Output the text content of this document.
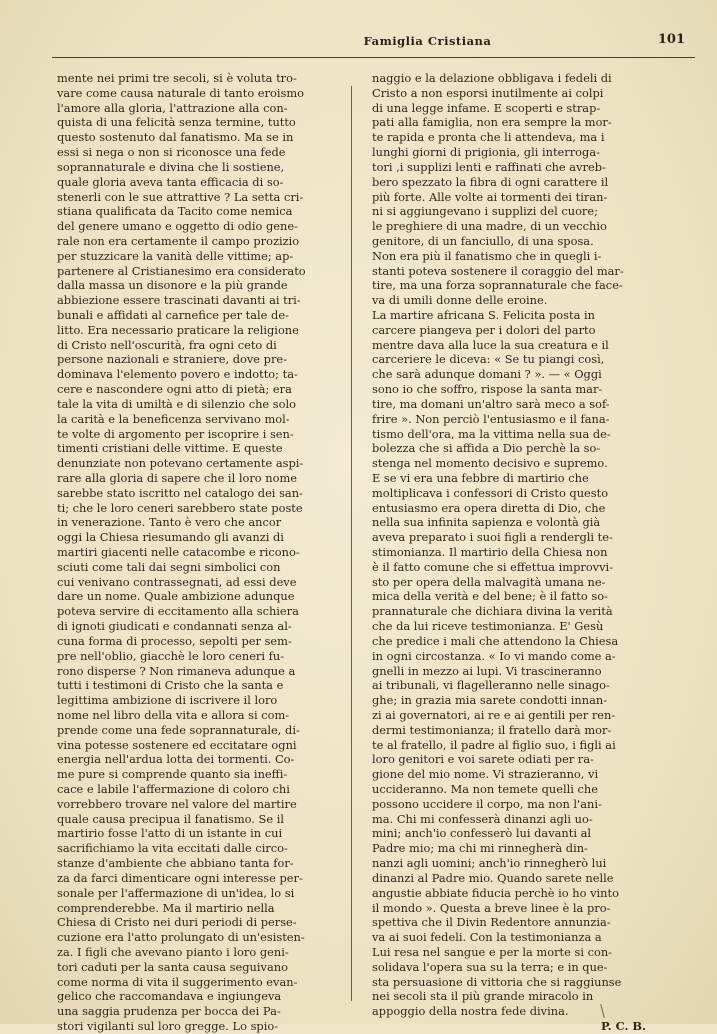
Famiglia Cristiana	101
mente nei primi tre secoli, si è voluta tro-
vare come causa naturale di tanto eroismo
l'amore alla gloria, l'attrazione alla con-
quista di una felicità senza termine, tutto
questo sostenuto dal fanatismo. Ma se in
essi si nega o non si riconosce una fede
soprannaturale e divina che li sostiene,
quale gloria aveva tanta efficacia di so-
stenerli con le sue attrattive ? La setta cri-
stiana qualificata da Tacito come nemica
del genere umano e oggetto di odio gene-
rale non era certamente il campo prozizio
per stuzzicare la vanità delle vittime; ap-
partenere al Cristianesimo era considerato
dalla massa un disonore e la più grande
abbiezione essere trascinati davanti ai tri-
bunali e affidati al carnefice per tale de-
litto. Era necessario praticare la religione
di Cristo nell'oscurità, fra ogni ceto di
persone nazionali e straniere, dove pre-
dominava l'elemento povero e indotto; ta-
cere e nascondere ogni atto di pietà; era
tale la vita di umiltà e di silenzio che solo
la carità e la beneficenza servivano mol-
te volte di argomento per iscoprire i sen-
timenti cristiani delle vittime. E queste
denunziate non potevano certamente aspi-
rare alla gloria di sapere che il loro nome
sarebbe stato iscritto nel catalogo dei san-
ti; che le loro ceneri sarebbero state poste
in venerazione. Tanto è vero che ancor
oggi la Chiesa riesumando gli avanzi di
martiri giacenti nelle catacombe e ricono-
sciuti come tali dai segni simbolici con
cui venivano contrassegnati, ad essi deve
dare un nome. Quale ambizione adunque
poteva servire di eccitamento alla schiera
di ignoti giudicati e condannati senza al-
cuna forma di processo, sepolti per sem-
pre nell'oblio, giacchè le loro ceneri fu-
rono disperse ? Non rimaneva adunque a
tutti i testimoni di Cristo che la santa e
legittima ambizione di iscrivere il loro
nome nel libro della vita e allora si com-
prende come una fede soprannaturale, di-
vina potesse sostenere ed eccitatare ogni
energia nell'ardua lotta dei tormenti. Co-
me pure si comprende quanto sia ineffi-
cace e labile l'affermazione di coloro chi
vorrebbero trovare nel valore del martire
quale causa precipua il fanatismo. Se il
martirio fosse l'atto di un istante in cui
sacrifichiamo la vita eccitati dalle circo-
stanze d'ambiente che abbiano tanta for-
za da farci dimenticare ogni interesse per-
sonale per l'affermazione di un'idea, lo si
comprenderebbe. Ma il martirio nella
Chiesa di Cristo nei duri periodi di perse-
cuzione era l'atto prolungato di un'esisten-
za. I figli che avevano pianto i loro geni-
tori caduti per la santa causa seguivano
come norma di vita il suggerimento evan-
gelico che raccomandava e ingiungeva
una saggia prudenza per bocca dei Pa-
stori vigilanti sul loro gregge. Lo spio-
naggio e la delazione obbligava i fedeli di
Cristo a non esporsi inutilmente ai colpi
di una legge infame. E scoperti e strap-
pati alla famiglia, non era sempre la mor-
te rapida e pronta che li attendeva, ma i
lunghi giorni di prigionia, gli interroga-
tori ,i supplizi lenti e raffinati che avreb-
bero spezzato la fibra di ogni carattere il
più forte. Alle volte ai tormenti dei tiran-
ni si aggiungevano i supplizi del cuore;
le preghiere di una madre, di un vecchio
genitore, di un fanciullo, di una sposa.
Non era più il fanatismo che in quegli i-
stanti poteva sostenere il coraggio del mar-
tire, ma una forza soprannaturale che face-
va di umili donne delle eroine.
La martire africana S. Felicita posta in
carcere piangeva per i dolori del parto
mentre dava alla luce la sua creatura e il
carceriere le diceva: « Se tu piangi così,
che sarà adunque domani ? ». — « Oggi
sono io che soffro, rispose la santa mar-
tire, ma domani un'altro sarà meco a sof-
frire ». Non perciò l'entusiasmo e il fana-
tismo dell'ora, ma la vittima nella sua de-
bolezza che si affida a Dio perchè la so-
stenga nel momento decisivo e supremo.
E se vi era una febbre di martirio che
moltiplicava i confessori di Cristo questo
entusiasmo era opera diretta di Dio, che
nella sua infinita sapienza e volontà già
aveva preparato i suoi figli a rendergli te-
stimonianza. Il martirio della Chiesa non
è il fatto comune che si effettua improvvi-
sto per opera della malvagità umana ne-
mica della verità e del bene; è il fatto so-
prannaturale che dichiara divina la verità
che da lui riceve testimonianza. E' Gesù
che predice i mali che attendono la Chiesa
in ogni circostanza. « Io vi mando come a-
gnelli in mezzo ai lupi. Vi trascineranno
ai tribunali, vi flagelleranno nelle sinago-
ghe; in grazia mia sarete condotti innan-
zi ai governatori, ai re e ai gentili per ren-
dermi testimonianza; il fratello darà mor-
te al fratello, il padre al figlio suo, i figli ai
loro genitori e voi sarete odiati per ra-
gione del mio nome. Vi strazieranno, vi
uccideranno. Ma non temete quelli che
possono uccidere il corpo, ma non l'ani-
ma. Chi mi confesserà dinanzi agli uo-
mini; anch'io confesserò lui davanti al
Padre mio; ma chi mi rinnegherà din-
nanzi agli uomini; anch'io rinnegherò lui
dinanzi al Padre mio. Quando sarete nelle
angustie abbiate fiducia perchè io ho vinto
il mondo ». Questa a breve linee è la pro-
spettiva che il Divin Redentore annunzia-
va ai suoi fedeli. Con la testimonianza a
Lui resa nel sangue e per la morte si con-
solidava l'opera sua su la terra; e in que-
sta persuasione di vittoria che si raggiunse
nei secoli sta il più grande miracolo in
appoggio della nostra fede divina.
P. C. B.
